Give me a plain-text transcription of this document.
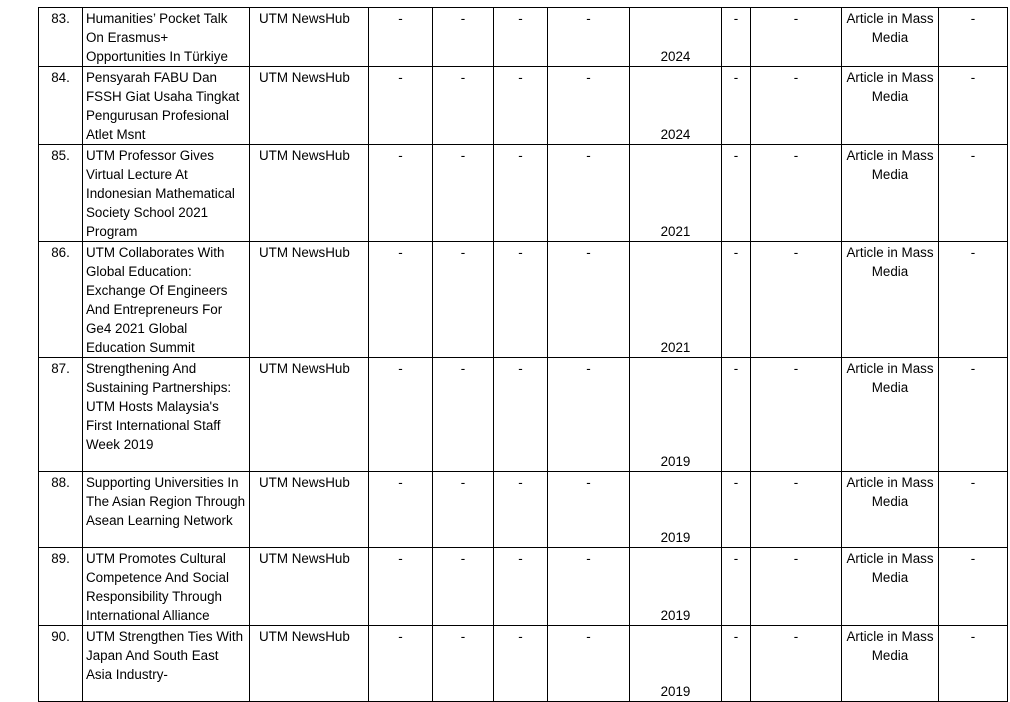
83.	Humanities’ Pocket Talk On Erasmus+ Opportunities In Türkiye	UTM NewsHub	-	-	-	-	2024	-	-	Article in Mass Media	-
84.	Pensyarah FABU Dan FSSH Giat Usaha Tingkat Pengurusan Profesional Atlet Msnt	UTM NewsHub	-	-	-	-	2024	-	-	Article in Mass Media	-
85.	UTM Professor Gives Virtual Lecture At Indonesian Mathematical Society School 2021 Program	UTM NewsHub	-	-	-	-	2021	-	-	Article in Mass Media	-
86.	UTM Collaborates With Global Education: Exchange Of Engineers And Entrepreneurs For Ge4 2021 Global Education Summit	UTM NewsHub	-	-	-	-	2021	-	-	Article in Mass Media	-
87.	Strengthening And Sustaining Partnerships: UTM Hosts Malaysia's First International Staff Week 2019	UTM NewsHub	-	-	-	-	2019	-	-	Article in Mass Media	-
88.	Supporting Universities In The Asian Region Through Asean Learning Network	UTM NewsHub	-	-	-	-	2019	-	-	Article in Mass Media	-
89.	UTM Promotes Cultural Competence And Social Responsibility Through International Alliance	UTM NewsHub	-	-	-	-	2019	-	-	Article in Mass Media	-
90.	UTM Strengthen Ties With Japan And South East Asia Industry-	UTM NewsHub	-	-	-	-	2019	-	-	Article in Mass Media	-
